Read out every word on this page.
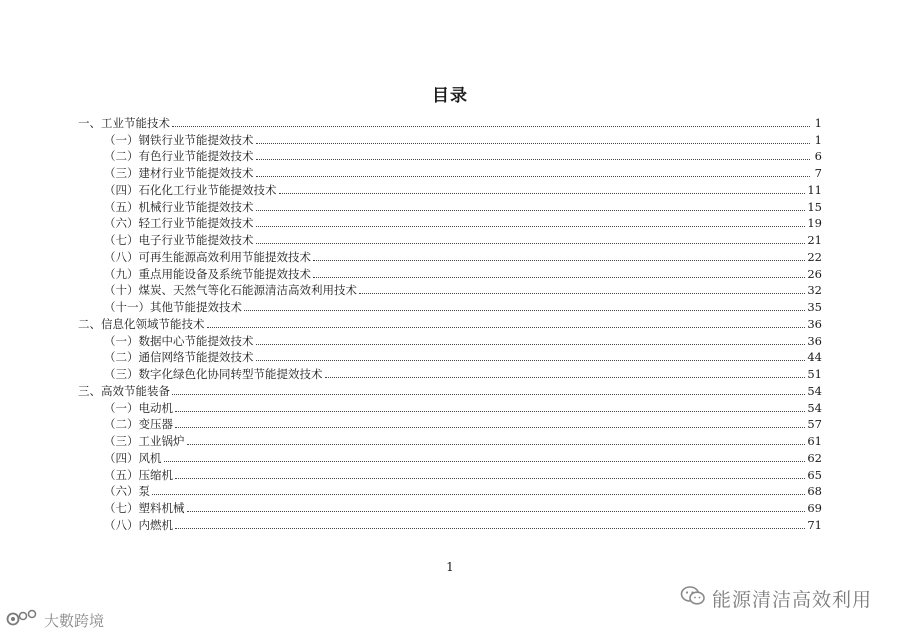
目录
一、工业节能技术	1
（一）钢铁行业节能提效技术	1
（二）有色行业节能提效技术	6
（三）建材行业节能提效技术	7
（四）石化化工行业节能提效技术	11
（五）机械行业节能提效技术	15
（六）轻工行业节能提效技术	19
（七）电子行业节能提效技术	21
（八）可再生能源高效利用节能提效技术	22
（九）重点用能设备及系统节能提效技术	26
（十）煤炭、天然气等化石能源清洁高效利用技术	32
（十一）其他节能提效技术	35
二、信息化领域节能技术	36
（一）数据中心节能提效技术	36
（二）通信网络节能提效技术	44
（三）数字化绿色化协同转型节能提效技术	51
三、高效节能装备	54
（一）电动机	54
（二）变压器	57
（三）工业锅炉	61
（四）风机	62
（五）压缩机	65
（六）泵	68
（七）塑料机械	69
（八）内燃机	71
1
能源清洁高效利用
大數跨境
